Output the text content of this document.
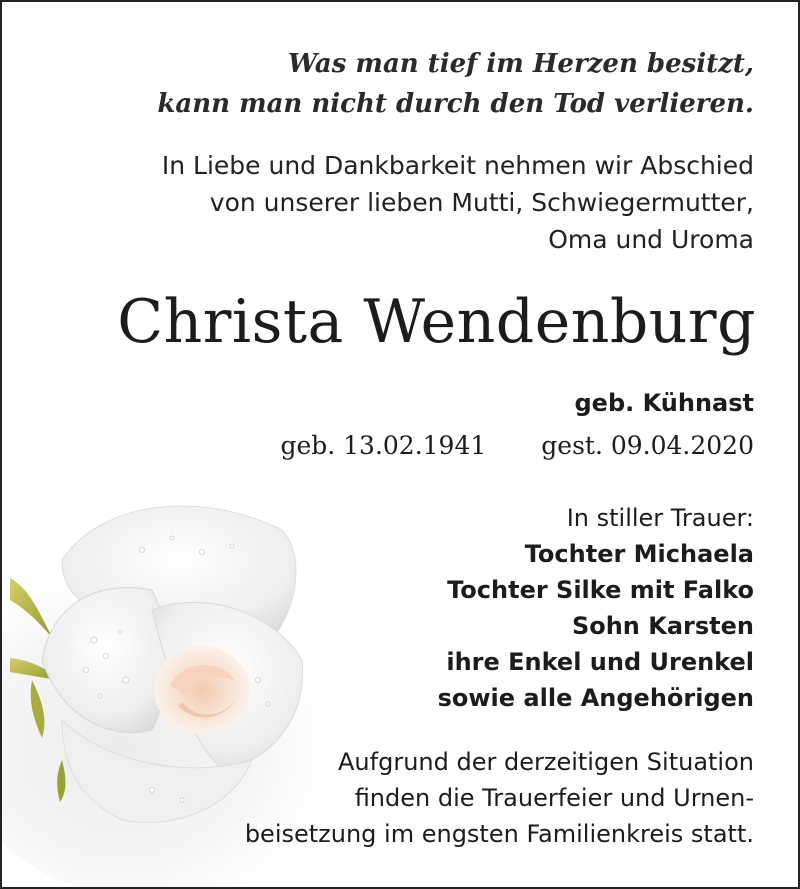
Was man tief im Herzen besitzt,
kann man nicht durch den Tod verlieren.
In Liebe und Dankbarkeit nehmen wir Abschied
von unserer lieben Mutti, Schwiegermutter,
Oma und Uroma
Christa Wendenburg
geb. Kühnast
geb. 13.02.1941 gest. 09.04.2020
In stiller Trauer:
Tochter Michaela
Tochter Silke mit Falko
Sohn Karsten
ihre Enkel und Urenkel
sowie alle Angehörigen
Aufgrund der derzeitigen Situation
finden die Trauerfeier und Urnen-
beisetzung im engsten Familienkreis statt.
